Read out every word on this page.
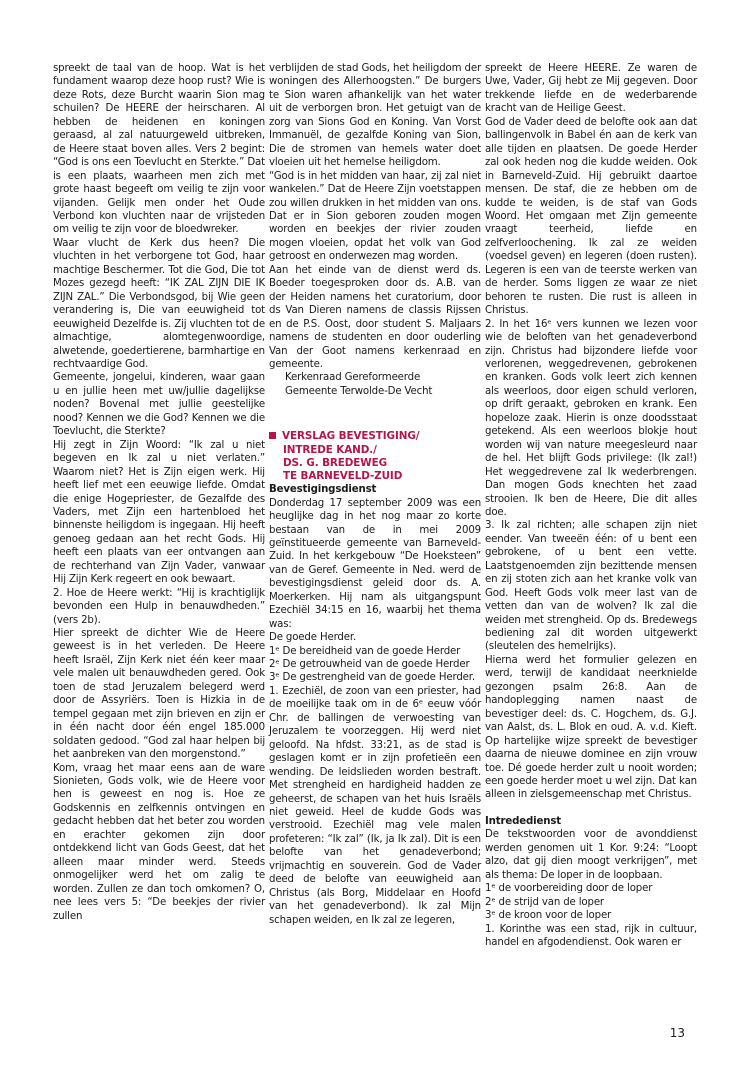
spreekt de taal van de hoop. Wat is het fundament waarop deze hoop rust? Wie is deze Rots, deze Burcht waarin Sion mag schuilen? De HEERE der heirscharen. Al hebben de heidenen en koningen geraasd, al zal natuurgeweld uitbreken, de Heere staat boven alles. Vers 2 begint: “God is ons een Toevlucht en Sterkte.” Dat is een plaats, waarheen men zich met grote haast begeeft om veilig te zijn voor vijanden. Gelijk men onder het Oude Verbond kon vluchten naar de vrijsteden om veilig te zijn voor de bloedwreker.

Waar vlucht de Kerk dus heen? Die vluchten in het verborgene tot God, haar machtige Beschermer. Tot die God, Die tot Mozes gezegd heeft: “IK ZAL ZIJN DIE IK ZIJN ZAL.” Die Verbondsgod, bij Wie geen verandering is, Die van eeuwigheid tot eeuwigheid Dezelfde is. Zij vluchten tot de almachtige, alomtegenwoordige, alwetende, goedertierene, barmhartige en rechtvaardige God.

Gemeente, jongelui, kinderen, waar gaan u en jullie heen met uw/jullie dagelijkse noden? Bovenal met jullie geestelijke nood? Kennen we die God? Kennen we die Toevlucht, die Sterkte?

Hij zegt in Zijn Woord: “Ik zal u niet begeven en Ik zal u niet verlaten.” Waarom niet? Het is Zijn eigen werk. Hij heeft lief met een eeuwige liefde. Omdat die enige Hogepriester, de Gezalfde des Vaders, met Zijn een hartenbloed het binnenste heiligdom is ingegaan. Hij heeft genoeg gedaan aan het recht Gods. Hij heeft een plaats van eer ontvangen aan de rechterhand van Zijn Vader, vanwaar Hij Zijn Kerk regeert en ook bewaart.

2. Hoe de Heere werkt: “Hij is krachtiglijk bevonden een Hulp in benauwdheden.” (vers 2b).

Hier spreekt de dichter Wie de Heere geweest is in het verleden. De Heere heeft Israël, Zijn Kerk niet één keer maar vele malen uit benauwdheden gered. Ook toen de stad Jeruzalem belegerd werd door de Assyriërs. Toen is Hizkia in de tempel gegaan met zijn brieven en zijn er in één nacht door één engel 185.000 soldaten gedood. “God zal haar helpen bij het aanbreken van den morgenstond.”

Kom, vraag het maar eens aan de ware Sionieten, Gods volk, wie de Heere voor hen is geweest en nog is. Hoe ze Godskennis en zelfkennis ontvingen en gedacht hebben dat het beter zou worden en erachter gekomen zijn door ontdekkend licht van Gods Geest, dat het alleen maar minder werd. Steeds onmogelijker werd het om zalig te worden. Zullen ze dan toch omkomen? O, nee lees vers 5: “De beekjes der rivier zullen

verblijden de stad Gods, het heiligdom der woningen des Allerhoogsten.” De burgers te Sion waren afhankelijk van het water uit de verborgen bron. Het getuigt van de zorg van Sions God en Koning. Van Vorst Immanuël, de gezalfde Koning van Sion, Die de stromen van hemels water doet vloeien uit het hemelse heiligdom.

“God is in het midden van haar, zij zal niet wankelen.” Dat de Heere Zijn voetstappen zou willen drukken in het midden van ons. Dat er in Sion geboren zouden mogen worden en beekjes der rivier zouden mogen vloeien, opdat het volk van God getroost en onderwezen mag worden.

Aan het einde van de dienst werd ds. Boeder toegesproken door ds. A.B. van der Heiden namens het curatorium, door ds Van Dieren namens de classis Rijssen en de P.S. Oost, door student S. Maljaars namens de studenten en door ouderling Van der Goot namens kerkenraad en gemeente.

Kerkenraad Gereformeerde

Gemeente Terwolde-De Vecht

VERSLAG BEVESTIGING/
INTREDE KAND./
DS. G. BREDEWEG
TE BARNEVELD-ZUID

Bevestigingsdienst

Donderdag 17 september 2009 was een heuglijke dag in het nog maar zo korte bestaan van de in mei 2009 geïnstitueerde gemeente van Barneveld-Zuid. In het kerkgebouw “De Hoeksteen” van de Geref. Gemeente in Ned. werd de bevestigingsdienst geleid door ds. A. Moerkerken. Hij nam als uitgangspunt Ezechiël 34:15 en 16, waarbij het thema was:

De goede Herder.

1ᵉ De bereidheid van de goede Herder

2ᵉ De getrouwheid van de goede Herder

3ᵉ De gestrengheid van de goede Herder.

1. Ezechiël, de zoon van een priester, had de moeilijke taak om in de 6ᵉ eeuw vóór Chr. de ballingen de verwoesting van Jeruzalem te voorzeggen. Hij werd niet geloofd. Na hfdst. 33:21, as de stad is geslagen komt er in zijn profetieën een wending. De leidslieden worden bestraft. Met strengheid en hardigheid hadden ze geheerst, de schapen van het huis Israëls niet geweid. Heel de kudde Gods was verstrooid. Ezechiël mag vele malen profeteren: “Ik zal” (Ik, ja Ik zal). Dit is een belofte van het genadeverbond; vrijmachtig en souverein. God de Vader deed de belofte van eeuwigheid aan Christus (als Borg, Middelaar en Hoofd van het genadeverbond). Ik zal Mijn schapen weiden, en Ik zal ze legeren,

spreekt de Heere HEERE. Ze waren de Uwe, Vader, Gij hebt ze Mij gegeven. Door trekkende liefde en de wederbarende kracht van de Heilige Geest.

God de Vader deed de belofte ook aan dat ballingenvolk in Babel én aan de kerk van alle tijden en plaatsen. De goede Herder zal ook heden nog die kudde weiden. Ook in Barneveld-Zuid. Hij gebruikt daartoe mensen. De staf, die ze hebben om de kudde te weiden, is de staf van Gods Woord. Het omgaan met Zijn gemeente vraagt teerheid, liefde en zelfverloochening. Ik zal ze weiden (voedsel geven) en legeren (doen rusten). Legeren is een van de teerste werken van de herder. Soms liggen ze waar ze niet behoren te rusten. Die rust is alleen in Christus.

2. In het 16ᵉ vers kunnen we lezen voor wie de beloften van het genadeverbond zijn. Christus had bijzondere liefde voor verlorenen, weggedrevenen, gebrokenen en kranken. Gods volk leert zich kennen als weerloos, door eigen schuld verloren, op drift geraakt, gebroken en krank. Een hopeloze zaak. Hierin is onze doodsstaat getekend. Als een weerloos blokje hout worden wij van nature meegesleurd naar de hel. Het blijft Gods privilege: (Ik zal!) Het weggedrevene zal Ik wederbrengen. Dan mogen Gods knechten het zaad strooien. Ik ben de Heere, Die dit alles doe.

3. Ik zal richten; alle schapen zijn niet eender. Van tweeën één: of u bent een gebrokene, of u bent een vette. Laatstgenoemden zijn bezittende mensen en zij stoten zich aan het kranke volk van God. Heeft Gods volk meer last van de vetten dan van de wolven? Ik zal die weiden met strengheid. Op ds. Bredewegs bediening zal dit worden uitgewerkt (sleutelen des hemelrijks).

Hierna werd het formulier gelezen en werd, terwijl de kandidaat neerknielde gezongen psalm 26:8. Aan de handoplegging namen naast de bevestiger deel: ds. C. Hogchem, ds. G.J. van Aalst, ds. L. Blok en oud. A. v.d. Kieft. Op hartelijke wijze spreekt de bevestiger daarna de nieuwe dominee en zijn vrouw toe. Dé goede herder zult u nooit worden; een goede herder moet u wel zijn. Dat kan alleen in zielsgemeenschap met Christus.

Intrededienst

De tekstwoorden voor de avonddienst werden genomen uit 1 Kor. 9:24: “Loopt alzo, dat gij dien moogt verkrijgen”, met als thema: De loper in de loopbaan.

1ᵉ de voorbereiding door de loper

2ᵉ de strijd van de loper

3ᵉ de kroon voor de loper

1. Korinthe was een stad, rijk in cultuur, handel en afgodendienst. Ook waren er

13
